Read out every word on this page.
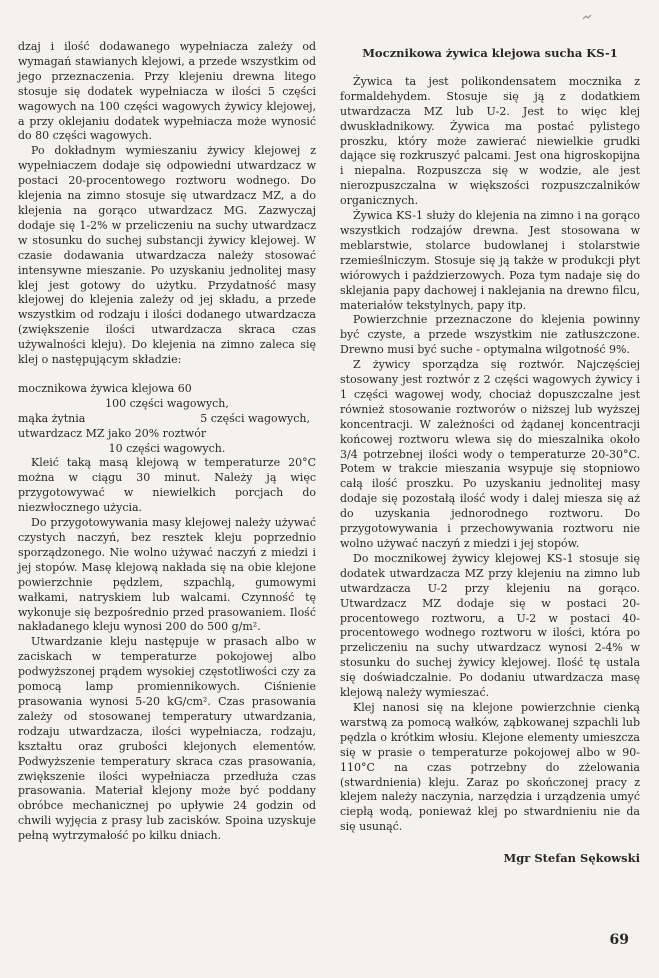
dzaj i ilość dodawanego wypełniacza zależy od wymagań stawianych klejowi, a przede wszystkim od jego przeznaczenia. Przy klejeniu drewna litego stosuje się dodatek wypełniacza w ilości 5 części wagowych na 100 części wagowych żywicy klejowej, a przy oklejaniu dodatek wypełniacza może wynosić do 80 części wagowych.

Po dokładnym wymieszaniu żywicy klejowej z wypełniaczem dodaje się odpowiedni utwardzacz w postaci 20-procentowego roztworu wodnego. Do klejenia na zimno stosuje się utwardzacz MZ, a do klejenia na gorąco utwardzacz MG. Zazwyczaj dodaje się 1-2% w przeliczeniu na suchy utwardzacz w stosunku do suchej substancji żywicy klejowej. W czasie dodawania utwardzacza należy stosować intensywne mieszanie. Po uzyskaniu jednolitej masy klej jest gotowy do użytku. Przydatność masy klejowej do klejenia zależy od jej składu, a przede wszystkim od rodzaju i ilości dodanego utwardzacza (zwiększenie ilości utwardzacza skraca czas używalności kleju). Do klejenia na zimno zaleca się klej o następującym składzie:

mocznikowa żywica klejowa 60
100 części wagowych,
mąka żytnia	5 części wagowych,
utwardzacz MZ jako 20% roztwór
10 części wagowych.

Kleić taką masą klejową w temperaturze 20°C można w ciągu 30 minut. Należy ją więc przygotowywać w niewielkich porcjach do niezwłocznego użycia.

Do przygotowywania masy klejowej należy używać czystych naczyń, bez resztek kleju poprzednio sporządzonego. Nie wolno używać naczyń z miedzi i jej stopów. Masę klejową nakłada się na obie klejone powierzchnie pędzlem, szpachlą, gumowymi wałkami, natryskiem lub walcami. Czynność tę wykonuje się bezpośrednio przed prasowaniem. Ilość nakładanego kleju wynosi 200 do 500 g/m².

Utwardzanie kleju następuje w prasach albo w zaciskach w temperaturze pokojowej albo podwyższonej prądem wysokiej częstotliwości czy za pomocą lamp promiennikowych. Ciśnienie prasowania wynosi 5-20 kG/cm². Czas prasowania zależy od stosowanej temperatury utwardzania, rodzaju utwardzacza, ilości wypełniacza, rodzaju, kształtu oraz grubości klejonych elementów. Podwyższenie temperatury skraca czas prasowania, zwiększenie ilości wypełniacza przedłuża czas prasowania. Materiał klejony może być poddany obróbce mechanicznej po upływie 24 godzin od chwili wyjęcia z prasy lub zacisków. Spoina uzyskuje pełną wytrzymałość po kilku dniach.

Mocznikowa żywica klejowa sucha KS-1

Żywica ta jest polikondensatem mocznika z formaldehydem. Stosuje się ją z dodatkiem utwardzacza MZ lub U-2. Jest to więc klej dwuskładnikowy. Żywica ma postać pylistego proszku, który może zawierać niewielkie grudki dające się rozkruszyć palcami. Jest ona higroskopijna i niepalna. Rozpuszcza się w wodzie, ale jest nierozpuszczalna w większości rozpuszczalników organicznych.

Żywica KS-1 służy do klejenia na zimno i na gorąco wszystkich rodzajów drewna. Jest stosowana w meblarstwie, stolarce budowlanej i stolarstwie rzemieślniczym. Stosuje się ją także w produkcji płyt wiórowych i paździerzowych. Poza tym nadaje się do sklejania papy dachowej i naklejania na drewno filcu, materiałów tekstylnych, papy itp.

Powierzchnie przeznaczone do klejenia powinny być czyste, a przede wszystkim nie zatłuszczone. Drewno musi być suche - optymalna wilgotność 9%.

Z żywicy sporządza się roztwór. Najczęściej stosowany jest roztwór z 2 części wagowych żywicy i 1 części wagowej wody, chociaż dopuszczalne jest również stosowanie roztworów o niższej lub wyższej koncentracji. W zależności od żądanej koncentracji końcowej roztworu wlewa się do mieszalnika około 3/4 potrzebnej ilości wody o temperaturze 20-30°C. Potem w trakcie mieszania wsypuje się stopniowo całą ilość proszku. Po uzyskaniu jednolitej masy dodaje się pozostałą ilość wody i dalej miesza się aż do uzyskania jednorodnego roztworu. Do przygotowywania i przechowywania roztworu nie wolno używać naczyń z miedzi i jej stopów.

Do mocznikowej żywicy klejowej KS-1 stosuje się dodatek utwardzacza MZ przy klejeniu na zimno lub utwardzacza U-2 przy klejeniu na gorąco. Utwardzacz MZ dodaje się w postaci 20-procentowego roztworu, a U-2 w postaci 40-procentowego wodnego roztworu w ilości, która po przeliczeniu na suchy utwardzacz wynosi 2-4% w stosunku do suchej żywicy klejowej. Ilość tę ustala się doświadczalnie. Po dodaniu utwardzacza masę klejową należy wymieszać.

Klej nanosi się na klejone powierzchnie cienką warstwą za pomocą wałków, ząbkowanej szpachli lub pędzla o krótkim włosiu. Klejone elementy umieszcza się w prasie o temperaturze pokojowej albo w 90-110°C na czas potrzebny do zżelowania (stwardnienia) kleju. Zaraz po skończonej pracy z klejem należy naczynia, narzędzia i urządzenia umyć ciepłą wodą, ponieważ klej po stwardnieniu nie da się usunąć.

Mgr Stefan Sękowski
69
